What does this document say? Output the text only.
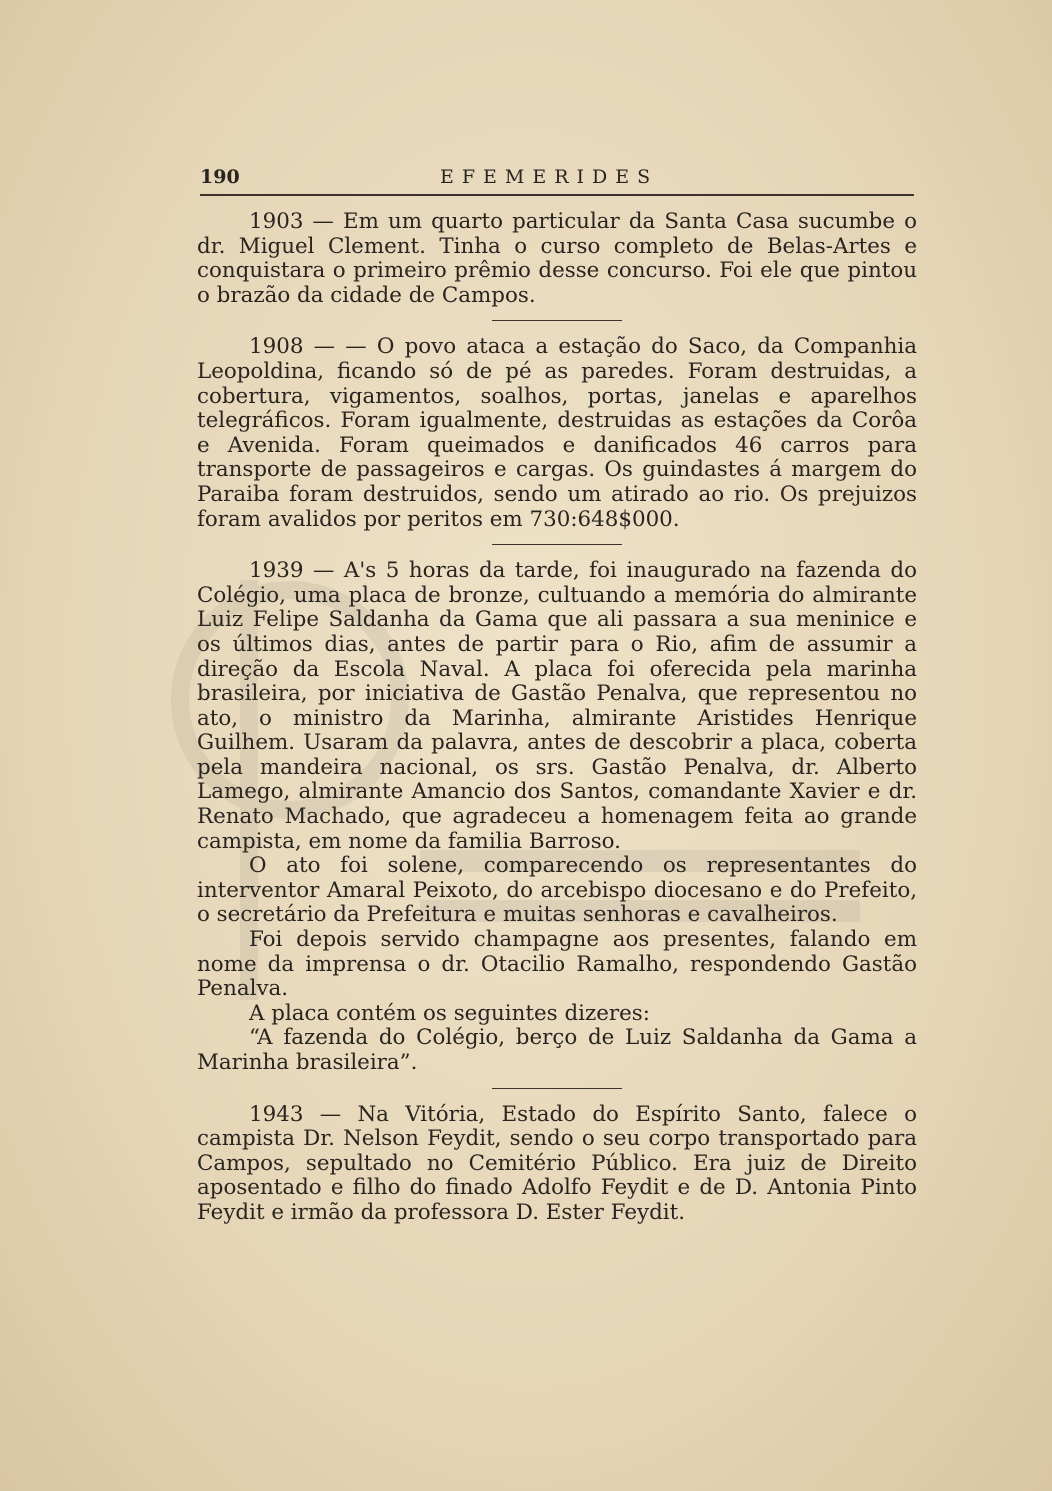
190	EFEMERIDES

1903 — Em um quarto particular da Santa Casa sucumbe o dr. Miguel Clement. Tinha o curso completo de Belas-Artes e conquistara o primeiro prêmio desse concurso. Foi ele que pintou o brazão da cidade de Campos.

1908 — — O povo ataca a estação do Saco, da Companhia Leopoldina, ficando só de pé as paredes. Foram destruidas, a cobertura, vigamentos, soalhos, portas, janelas e aparelhos telegráficos. Foram igualmente, destruidas as estações da Corôa e Avenida. Foram queimados e danificados 46 carros para transporte de passageiros e cargas. Os guindastes á margem do Paraiba foram destruidos, sendo um atirado ao rio. Os prejuizos foram avalidos por peritos em 730:648$000.

1939 — A's 5 horas da tarde, foi inaugurado na fazenda do Colégio, uma placa de bronze, cultuando a memória do almirante Luiz Felipe Saldanha da Gama que ali passara a sua meninice e os últimos dias, antes de partir para o Rio, afim de assumir a direção da Escola Naval. A placa foi oferecida pela marinha brasileira, por iniciativa de Gastão Penalva, que representou no ato, o ministro da Marinha, almirante Aristides Henrique Guilhem. Usaram da palavra, antes de descobrir a placa, coberta pela mandeira nacional, os srs. Gastão Penalva, dr. Alberto Lamego, almirante Amancio dos Santos, comandante Xavier e dr. Renato Machado, que agradeceu a homenagem feita ao grande campista, em nome da familia Barroso.

O ato foi solene, comparecendo os representantes do interventor Amaral Peixoto, do arcebispo diocesano e do Prefeito, o secretário da Prefeitura e muitas senhoras e cavalheiros.

Foi depois servido champagne aos presentes, falando em nome da imprensa o dr. Otacilio Ramalho, respondendo Gastão Penalva.

A placa contém os seguintes dizeres:

“A fazenda do Colégio, berço de Luiz Saldanha da Gama a Marinha brasileira”.

1943 — Na Vitória, Estado do Espírito Santo, falece o campista Dr. Nelson Feydit, sendo o seu corpo transportado para Campos, sepultado no Cemitério Público. Era juiz de Direito aposentado e filho do finado Adolfo Feydit e de D. Antonia Pinto Feydit e irmão da professora D. Ester Feydit.
